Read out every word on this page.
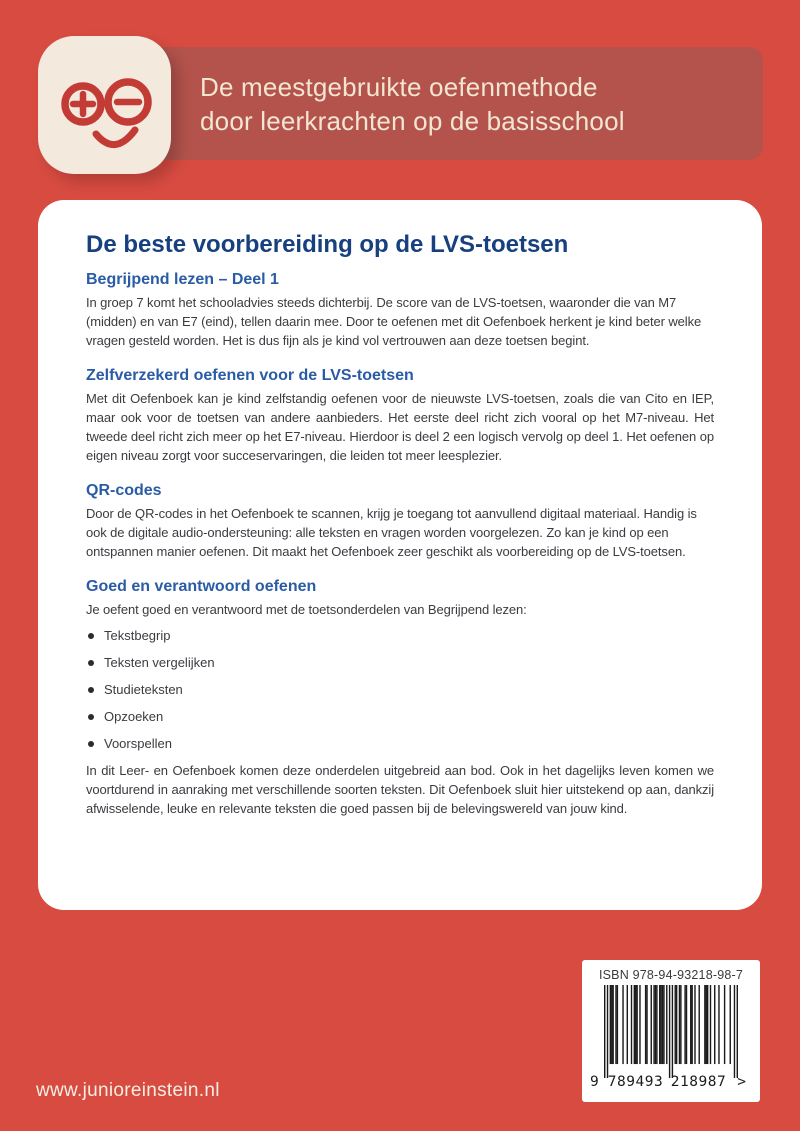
De meestgebruikte oefenmethode
door leerkrachten op de basisschool
De beste voorbereiding op de LVS-toetsen
Begrijpend lezen – Deel 1

In groep 7 komt het schooladvies steeds dichterbij. De score van de LVS-toetsen, waaronder die van M7 (midden) en van E7 (eind), tellen daarin mee. Door te oefenen met dit Oefenboek herkent je kind beter welke vragen gesteld worden. Het is dus fijn als je kind vol vertrouwen aan deze toetsen begint.

Zelfverzekerd oefenen voor de LVS-toetsen

Met dit Oefenboek kan je kind zelfstandig oefenen voor de nieuwste LVS-toetsen, zoals die van Cito en IEP, maar ook voor de toetsen van andere aanbieders. Het eerste deel richt zich vooral op het M7-niveau. Het tweede deel richt zich meer op het E7-niveau. Hierdoor is deel 2 een logisch vervolg op deel 1. Het oefenen op eigen niveau zorgt voor succeservaringen, die leiden tot meer leesplezier.

QR-codes

Door de QR-codes in het Oefenboek te scannen, krijg je toegang tot aanvullend digitaal materiaal. Handig is ook de digitale audio-ondersteuning: alle teksten en vragen worden voorgelezen. Zo kan je kind op een ontspannen manier oefenen. Dit maakt het Oefenboek zeer geschikt als voorbereiding op de LVS-toetsen.

Goed en verantwoord oefenen

Je oefent goed en verantwoord met de toetsonderdelen van Begrijpend lezen:

Tekstbegrip
Teksten vergelijken
Studieteksten
Opzoeken
Voorspellen

In dit Leer- en Oefenboek komen deze onderdelen uitgebreid aan bod. Ook in het dagelijks leven komen we voortdurend in aanraking met verschillende soorten teksten. Dit Oefenboek sluit hier uitstekend op aan, dankzij afwisselende, leuke en relevante teksten die goed passen bij de belevingswereld van jouw kind.

www.junioreinstein.nl
ISBN 978-94-93218-98-7
9 789493 218987 >
